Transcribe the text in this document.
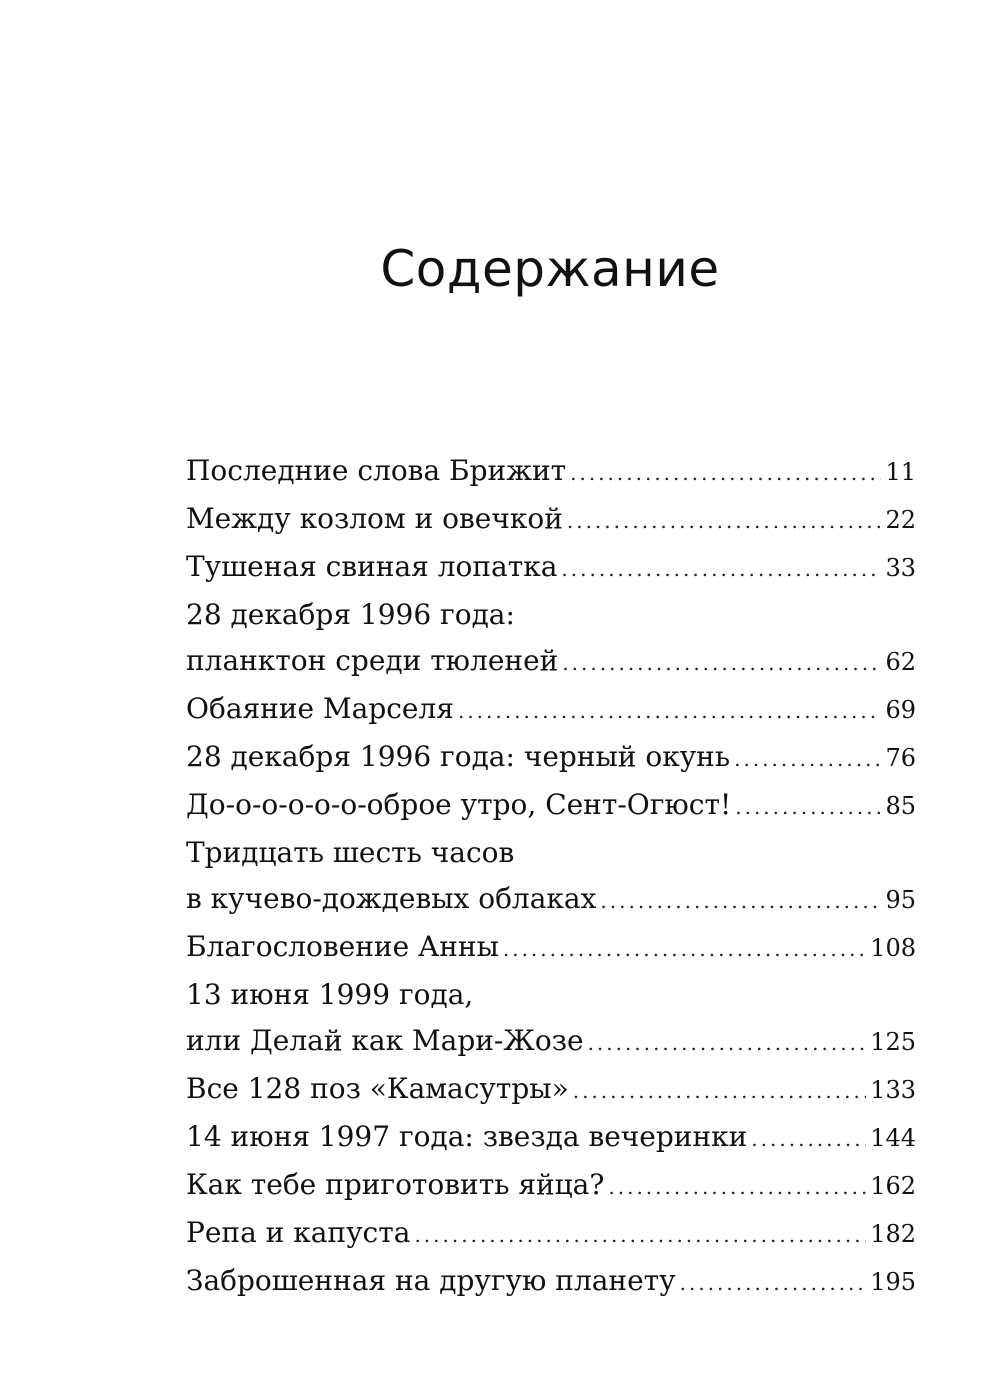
Содержание
Последние слова Брижит .....	11
Между козлом и овечкой .....	22
Тушеная свиная лопатка .....	33
28 декабря 1996 года:
планктон среди тюленей .....	62
Обаяние Марселя .....	69
28 декабря 1996 года: черный окунь .....	76
До-о-о-о-о-о-оброе утро, Сент-Огюст! .....	85
Тридцать шесть часов
в кучево-дождевых облаках .....	95
Благословение Анны .....	108
13 июня 1999 года,
или Делай как Мари-Жозе .....	125
Все 128 поз «Камасутры» .....	133
14 июня 1997 года: звезда вечеринки .....	144
Как тебе приготовить яйца? .....	162
Репа и капуста .....	182
Заброшенная на другую планету .....	195
